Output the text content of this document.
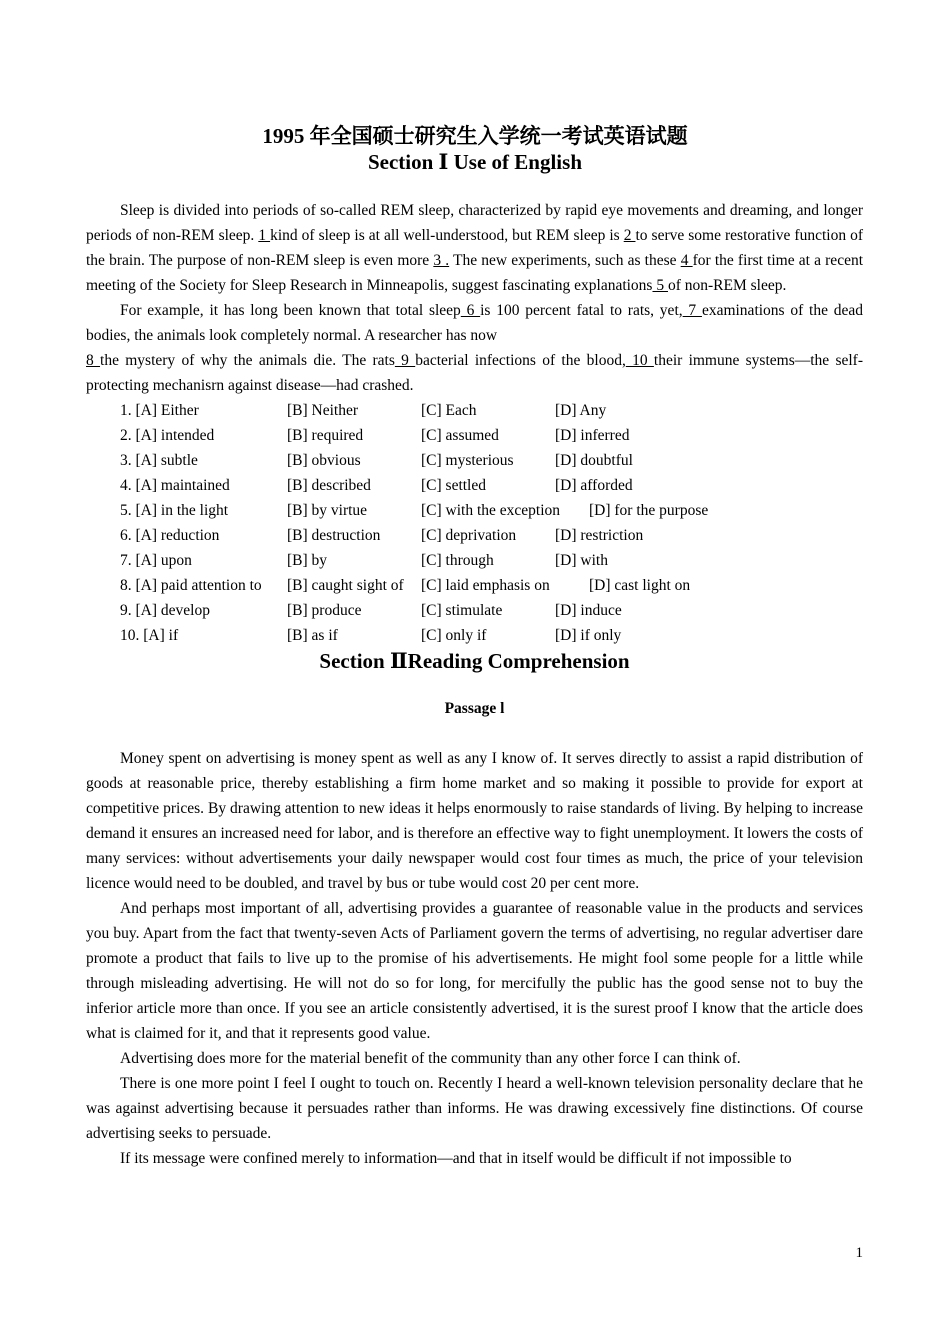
1995 年全国硕士研究生入学统一考试英语试题
Section Ⅰ Use of English

Sleep is divided into periods of so-called REM sleep, characterized by rapid eye movements and dreaming, and longer periods of non-REM sleep. 1 kind of sleep is at all well-understood, but REM sleep is 2 to serve some restorative function of the brain. The purpose of non-REM sleep is even more 3 . The new experiments, such as these 4 for the first time at a recent meeting of the Society for Sleep Research in Minneapolis, suggest fascinating explanations 5 of non-REM sleep.

For example, it has long been known that total sleep 6 is 100 percent fatal to rats, yet, 7 examinations of the dead bodies, the animals look completely normal. A researcher has now
8 the mystery of why the animals die. The rats 9 bacterial infections of the blood, 10 their immune systems—the self-protecting mechanisrn against disease—had crashed.

1. [A] Either	[B] Neither	[C] Each	[D] Any
2. [A] intended	[B] required	[C] assumed	[D] inferred
3. [A] subtle	[B] obvious	[C] mysterious	[D] doubtful
4. [A] maintained	[B] described	[C] settled	[D] afforded
5. [A] in the light	[B] by virtue	[C] with the exception	[D] for the purpose
6. [A] reduction	[B] destruction	[C] deprivation	[D] restriction
7. [A] upon	[B] by	[C] through	[D] with
8. [A] paid attention to	[B] caught sight of	[C] laid emphasis on	[D] cast light on
9. [A] develop	[B] produce	[C] stimulate	[D] induce
10. [A] if	[B] as if	[C] only if	[D] if only
Section ⅡReading Comprehension
Passage l

Money spent on advertising is money spent as well as any I know of. It serves directly to assist a rapid distribution of goods at reasonable price, thereby establishing a firm home market and so making it possible to provide for export at competitive prices. By drawing attention to new ideas it helps enormously to raise standards of living. By helping to increase demand it ensures an increased need for labor, and is therefore an effective way to fight unemployment. It lowers the costs of many services: without advertisements your daily newspaper would cost four times as much, the price of your television licence would need to be doubled, and travel by bus or tube would cost 20 per cent more.

And perhaps most important of all, advertising provides a guarantee of reasonable value in the products and services you buy. Apart from the fact that twenty-seven Acts of Parliament govern the terms of advertising, no regular advertiser dare promote a product that fails to live up to the promise of his advertisements. He might fool some people for a little while through misleading advertising. He will not do so for long, for mercifully the public has the good sense not to buy the inferior article more than once. If you see an article consistently advertised, it is the surest proof I know that the article does what is claimed for it, and that it represents good value.

Advertising does more for the material benefit of the community than any other force I can think of.

There is one more point I feel I ought to touch on. Recently I heard a well-known television personality declare that he was against advertising because it persuades rather than informs. He was drawing excessively fine distinctions. Of course advertising seeks to persuade.

If its message were confined merely to information—and that in itself would be difficult if not impossible to

1
